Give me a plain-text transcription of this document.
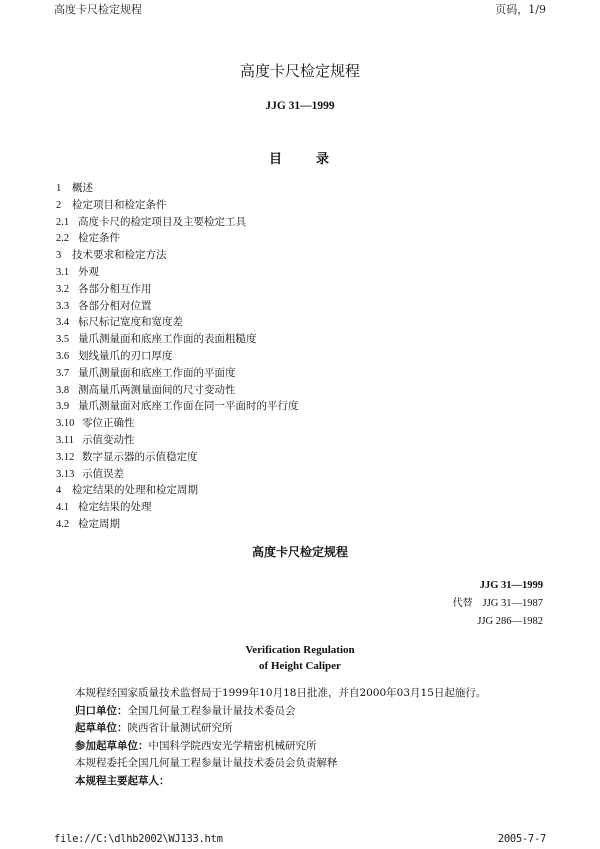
高度卡尺检定规程	页码，1/9
高度卡尺检定规程
JJG 31—1999
目 录
1 概述
2 检定项目和检定条件
2.1 高度卡尺的检定项目及主要检定工具
2.2 检定条件
3 技术要求和检定方法
3.1 外观
3.2 各部分相互作用
3.3 各部分相对位置
3.4 标尺标记宽度和宽度差
3.5 量爪测量面和底座工作面的表面粗糙度
3.6 划线量爪的刃口厚度
3.7 量爪测量面和底座工作面的平面度
3.8 测高量爪两测量面间的尺寸变动性
3.9 量爪测量面对底座工作面在同一平面时的平行度
3.10 零位正确性
3.11 示值变动性
3.12 数字显示器的示值稳定度
3.13 示值误差
4 检定结果的处理和检定周期
4.1 检定结果的处理
4.2 检定周期
高度卡尺检定规程
JJG 31—1999
代替 JJG 31—1987
JJG 286—1982
Verification Regulation
of Height Caliper
本规程经国家质量技术监督局于1999年10月18日批准，并自2000年03月15日起施行。
归口单位：全国几何量工程参量计量技术委员会
起草单位：陕西省计量测试研究所
参加起草单位：中国科学院西安光学精密机械研究所
本规程委托全国几何量工程参量计量技术委员会负责解释
本规程主要起草人：
file://C:\dlhb2002\WJ133.htm	2005-7-7
